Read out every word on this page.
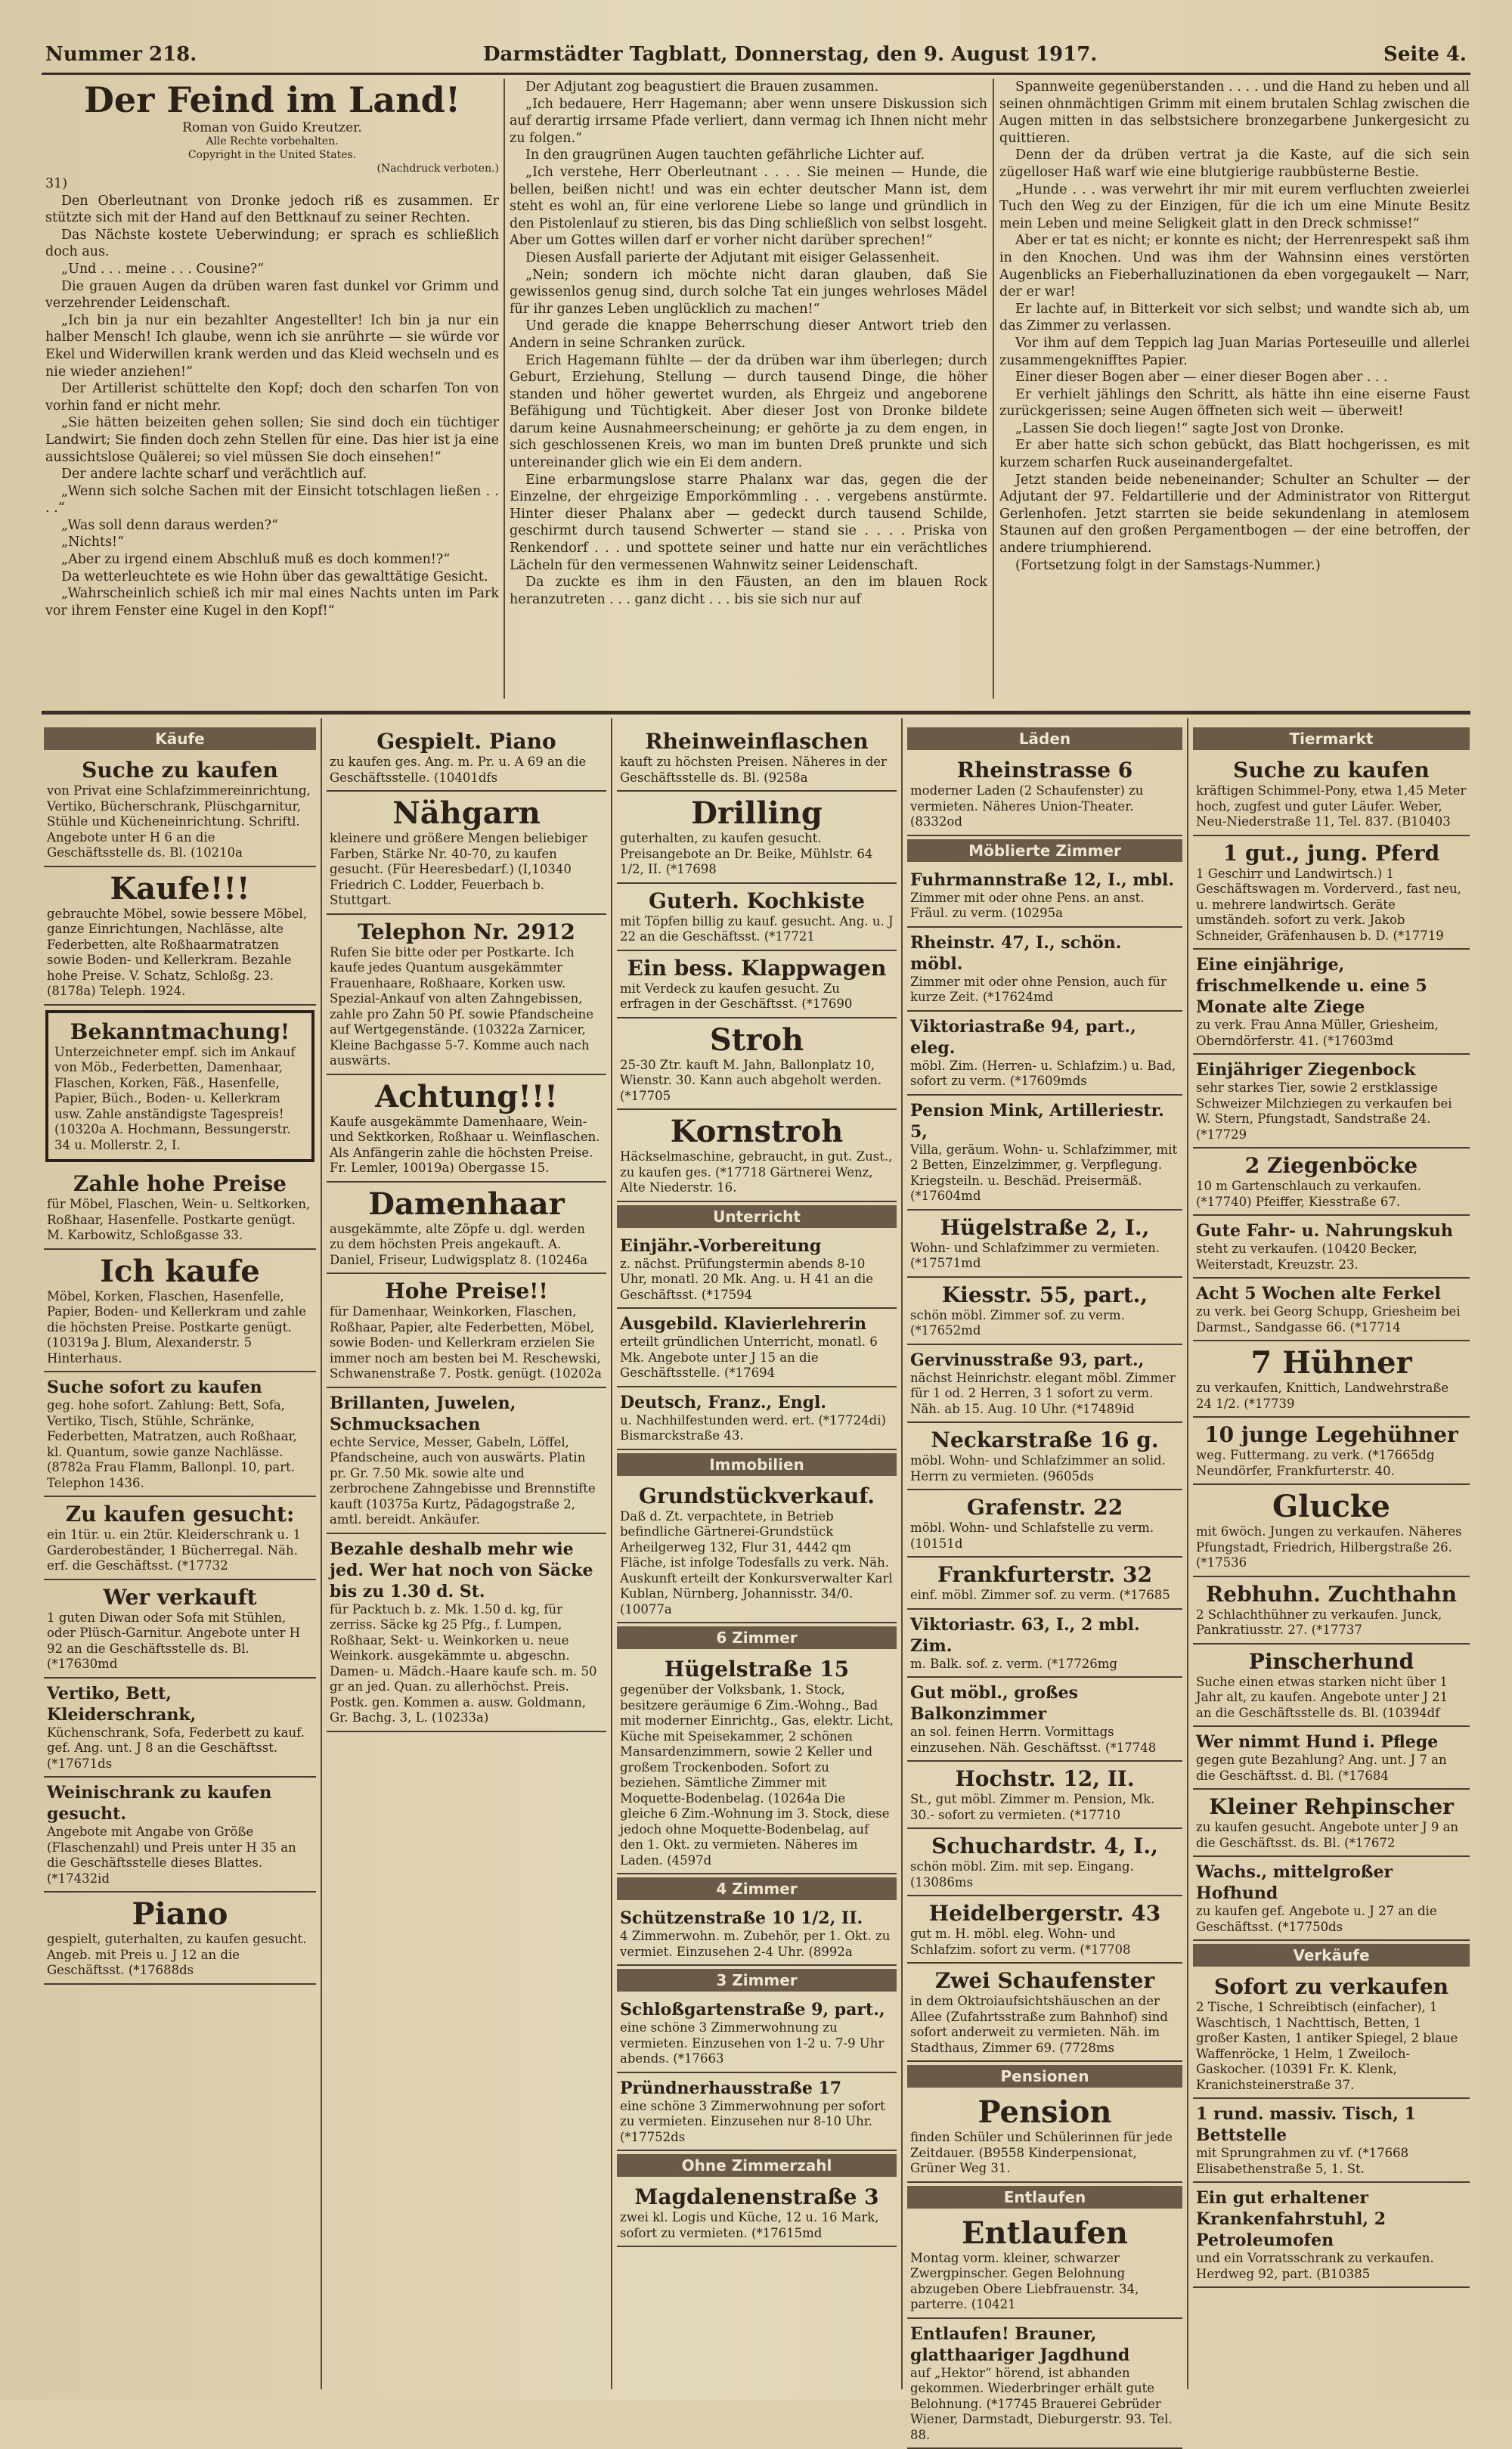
Nummer 218.	Darmstädter Tagblatt, Donnerstag, den 9. August 1917.	Seite 4.
Der Feind im Land!
Roman von Guido Kreutzer.
Alle Rechte vorbehalten.
Copyright in the United States.
(Nachdruck verboten.)
31)

Den Oberleutnant von Dronke jedoch riß es zusammen. Er stützte sich mit der Hand auf den Bettknauf zu seiner Rechten.

Das Nächste kostete Ueberwindung; er sprach es schließlich doch aus.

„Und . . . meine . . . Cousine?“

Die grauen Augen da drüben waren fast dunkel vor Grimm und verzehrender Leidenschaft.

„Ich bin ja nur ein bezahlter Angestellter! Ich bin ja nur ein halber Mensch! Ich glaube, wenn ich sie anrührte — sie würde vor Ekel und Widerwillen krank werden und das Kleid wechseln und es nie wieder anziehen!“

Der Artillerist schüttelte den Kopf; doch den scharfen Ton von vorhin fand er nicht mehr.

„Sie hätten beizeiten gehen sollen; Sie sind doch ein tüchtiger Landwirt; Sie finden doch zehn Stellen für eine. Das hier ist ja eine aussichtslose Quälerei; so viel müssen Sie doch einsehen!“

Der andere lachte scharf und verächtlich auf.

„Wenn sich solche Sachen mit der Einsicht totschlagen ließen . . . .“

„Was soll denn daraus werden?“

„Nichts!“

„Aber zu irgend einem Abschluß muß es doch kommen!?“

Da wetterleuchtete es wie Hohn über das gewalttätige Gesicht.

„Wahrscheinlich schieß ich mir mal eines Nachts unten im Park vor ihrem Fenster eine Kugel in den Kopf!“

Der Adjutant zog beagustiert die Brauen zusammen.

„Ich bedauere, Herr Hagemann; aber wenn unsere Diskussion sich auf derartig irrsame Pfade verliert, dann vermag ich Ihnen nicht mehr zu folgen.“

In den graugrünen Augen tauchten gefährliche Lichter auf.

„Ich verstehe, Herr Oberleutnant . . . . Sie meinen — Hunde, die bellen, beißen nicht! und was ein echter deutscher Mann ist, dem steht es wohl an, für eine verlorene Liebe so lange und gründlich in den Pistolenlauf zu stieren, bis das Ding schließlich von selbst losgeht. Aber um Gottes willen darf er vorher nicht darüber sprechen!“

Diesen Ausfall parierte der Adjutant mit eisiger Gelassenheit.

„Nein; sondern ich möchte nicht daran glauben, daß Sie gewissenlos genug sind, durch solche Tat ein junges wehrloses Mädel für ihr ganzes Leben unglücklich zu machen!“

Und gerade die knappe Beherrschung dieser Antwort trieb den Andern in seine Schranken zurück.

Erich Hagemann fühlte — der da drüben war ihm überlegen; durch Geburt, Erziehung, Stellung — durch tausend Dinge, die höher standen und höher gewertet wurden, als Ehrgeiz und angeborene Befähigung und Tüchtigkeit. Aber dieser Jost von Dronke bildete darum keine Ausnahmeerscheinung; er gehörte ja zu dem engen, in sich geschlossenen Kreis, wo man im bunten Dreß prunkte und sich untereinander glich wie ein Ei dem andern.

Eine erbarmungslose starre Phalanx war das, gegen die der Einzelne, der ehrgeizige Emporkömmling . . . vergebens anstürmte. Hinter dieser Phalanx aber — gedeckt durch tausend Schilde, geschirmt durch tausend Schwerter — stand sie . . . . Priska von Renkendorf . . . und spottete seiner und hatte nur ein verächtliches Lächeln für den vermessenen Wahnwitz seiner Leidenschaft.

Da zuckte es ihm in den Fäusten, an den im blauen Rock heranzutreten . . . ganz dicht . . . bis sie sich nur auf

Spannweite gegenüberstanden . . . . und die Hand zu heben und all seinen ohnmächtigen Grimm mit einem brutalen Schlag zwischen die Augen mitten in das selbstsichere bronzegarbene Junkergesicht zu quittieren.

Denn der da drüben vertrat ja die Kaste, auf die sich sein zügelloser Haß warf wie eine blutgierige raubbüsterne Bestie.

„Hunde . . . was verwehrt ihr mir mit eurem verfluchten zweierlei Tuch den Weg zu der Einzigen, für die ich um eine Minute Besitz mein Leben und meine Seligkeit glatt in den Dreck schmisse!“

Aber er tat es nicht; er konnte es nicht; der Herrenrespekt saß ihm in den Knochen. Und was ihm der Wahnsinn eines verstörten Augenblicks an Fieberhalluzinationen da eben vorgegaukelt — Narr, der er war!

Er lachte auf, in Bitterkeit vor sich selbst; und wandte sich ab, um das Zimmer zu verlassen.

Vor ihm auf dem Teppich lag Juan Marias Porteseuille und allerlei zusammengeknifftes Papier.

Einer dieser Bogen aber — einer dieser Bogen aber . . .

Er verhielt jählings den Schritt, als hätte ihn eine eiserne Faust zurückgerissen; seine Augen öffneten sich weit — überweit!

„Lassen Sie doch liegen!“ sagte Jost von Dronke.

Er aber hatte sich schon gebückt, das Blatt hochgerissen, es mit kurzem scharfen Ruck auseinandergefaltet.

Jetzt standen beide nebeneinander; Schulter an Schulter — der Adjutant der 97. Feldartillerie und der Administrator von Rittergut Gerlenhofen. Jetzt starrten sie beide sekundenlang in atemlosem Staunen auf den großen Pergamentbogen — der eine betroffen, der andere triumphierend.

(Fortsetzung folgt in der Samstags-Nummer.)

Käufe
Suche zu kaufen
von Privat eine Schlafzimmereinrichtung, Vertiko, Bücherschrank, Plüschgarnitur, Stühle und Kücheneinrichtung. Schriftl. Angebote unter H 6 an die Geschäftsstelle ds. Bl. (10210a
Kaufe!!!
gebrauchte Möbel, sowie bessere Möbel, ganze Einrichtungen, Nachlässe, alte Federbetten, alte Roßhaarmatratzen sowie Boden- und Kellerkram. Bezahle hohe Preise. V. Schatz, Schloßg. 23. (8178a) Teleph. 1924.
Bekanntmachung!
Unterzeichneter empf. sich im Ankauf von Möb., Federbetten, Damenhaar, Flaschen, Korken, Fäß., Hasenfelle, Papier, Büch., Boden- u. Kellerkram usw. Zahle anständigste Tagespreis! (10320a A. Hochmann, Bessungerstr. 34 u. Mollerstr. 2, I.
Zahle hohe Preise
für Möbel, Flaschen, Wein- u. Seltkorken, Roßhaar, Hasenfelle. Postkarte genügt. M. Karbowitz, Schloßgasse 33.
Ich kaufe
Möbel, Korken, Flaschen, Hasenfelle, Papier, Boden- und Kellerkram und zahle die höchsten Preise. Postkarte genügt. (10319a J. Blum, Alexanderstr. 5 Hinterhaus.
Suche sofort zu kaufen
geg. hohe sofort. Zahlung: Bett, Sofa, Vertiko, Tisch, Stühle, Schränke, Federbetten, Matratzen, auch Roßhaar, kl. Quantum, sowie ganze Nachlässe. (8782a Frau Flamm, Ballonpl. 10, part. Telephon 1436.
Zu kaufen gesucht:
ein 1tür. u. ein 2tür. Kleiderschrank u. 1 Garderobeständer, 1 Bücherregal. Näh. erf. die Geschäftsst. (*17732
Wer verkauft
1 guten Diwan oder Sofa mit Stühlen, oder Plüsch-Garnitur. Angebote unter H 92 an die Geschäftsstelle ds. Bl. (*17630md
Vertiko, Bett, Kleiderschrank,
Küchenschrank, Sofa, Federbett zu kauf. gef. Ang. unt. J 8 an die Geschäftsst. (*17671ds
Weinischrank zu kaufen gesucht.
Angebote mit Angabe von Größe (Flaschenzahl) und Preis unter H 35 an die Geschäftsstelle dieses Blattes. (*17432id
Piano
gespielt, guterhalten, zu kaufen gesucht. Angeb. mit Preis u. J 12 an die Geschäftsst. (*17688ds
Gespielt. Piano
zu kaufen ges. Ang. m. Pr. u. A 69 an die Geschäftsstelle. (10401dfs
Nähgarn
kleinere und größere Mengen beliebiger Farben, Stärke Nr. 40-70, zu kaufen gesucht. (Für Heeresbedarf.) (I,10340 Friedrich C. Lodder, Feuerbach b. Stuttgart.
Telephon Nr. 2912
Rufen Sie bitte oder per Postkarte. Ich kaufe jedes Quantum ausgekämmter Frauenhaare, Roßhaare, Korken usw. Spezial-Ankauf von alten Zahngebissen, zahle pro Zahn 50 Pf. sowie Pfandscheine auf Wertgegenstände. (10322a Zarnicer, Kleine Bachgasse 5-7. Komme auch nach auswärts.
Achtung!!!
Kaufe ausgekämmte Damenhaare, Wein- und Sektkorken, Roßhaar u. Weinflaschen. Als Anfängerin zahle die höchsten Preise. Fr. Lemler, 10019a) Obergasse 15.
Damenhaar
ausgekämmte, alte Zöpfe u. dgl. werden zu dem höchsten Preis angekauft. A. Daniel, Friseur, Ludwigsplatz 8. (10246a
Hohe Preise!!
für Damenhaar, Weinkorken, Flaschen, Roßhaar, Papier, alte Federbetten, Möbel, sowie Boden- und Kellerkram erzielen Sie immer noch am besten bei M. Reschewski, Schwanenstraße 7. Postk. genügt. (10202a
Brillanten, Juwelen, Schmucksachen
echte Service, Messer, Gabeln, Löffel, Pfandscheine, auch von auswärts. Platin pr. Gr. 7.50 Mk. sowie alte und zerbrochene Zahngebisse und Brennstifte kauft (10375a Kurtz, Pädagogstraße 2, amtl. bereidt. Ankäufer.
Bezahle deshalb mehr wie jed. Wer hat noch von Säcke bis zu 1.30 d. St.
für Packtuch b. z. Mk. 1.50 d. kg, für zerriss. Säcke kg 25 Pfg., f. Lumpen, Roßhaar, Sekt- u. Weinkorken u. neue Weinkork. ausgekämmte u. abgeschn. Damen- u. Mädch.-Haare kaufe sch. m. 50 gr an jed. Quan. zu allerhöchst. Preis. Postk. gen. Kommen a. ausw. Goldmann, Gr. Bachg. 3, L. (10233a)
Rheinweinflaschen
kauft zu höchsten Preisen. Näheres in der Geschäftsstelle ds. Bl. (9258a
Drilling
guterhalten, zu kaufen gesucht. Preisangebote an Dr. Beike, Mühlstr. 64 1/2, II. (*17698
Guterh. Kochkiste
mit Töpfen billig zu kauf. gesucht. Ang. u. J 22 an die Geschäftsst. (*17721
Ein bess. Klappwagen
mit Verdeck zu kaufen gesucht. Zu erfragen in der Geschäftsst. (*17690
Stroh
25-30 Ztr. kauft M. Jahn, Ballonplatz 10, Wienstr. 30. Kann auch abgeholt werden. (*17705
Kornstroh
Häckselmaschine, gebraucht, in gut. Zust., zu kaufen ges. (*17718 Gärtnerei Wenz, Alte Niederstr. 16.
Unterricht
Einjähr.-Vorbereitung
z. nächst. Prüfungstermin abends 8-10 Uhr, monatl. 20 Mk. Ang. u. H 41 an die Geschäftsst. (*17594
Ausgebild. Klavierlehrerin
erteilt gründlichen Unterricht, monatl. 6 Mk. Angebote unter J 15 an die Geschäftsstelle. (*17694
Deutsch, Franz., Engl.
u. Nachhilfestunden werd. ert. (*17724di) Bismarckstraße 43.
Immobilien
Grundstückverkauf.
Daß d. Zt. verpachtete, in Betrieb befindliche Gärtnerei-Grundstück Arheilgerweg 132, Flur 31, 4442 qm Fläche, ist infolge Todesfalls zu verk. Näh. Auskunft erteilt der Konkursverwalter Karl Kublan, Nürnberg, Johannisstr. 34/0. (10077a
6 Zimmer
Hügelstraße 15
gegenüber der Volksbank, 1. Stock, besitzere geräumige 6 Zim.-Wohng., Bad mit moderner Einrichtg., Gas, elektr. Licht, Küche mit Speisekammer, 2 schönen Mansardenzimmern, sowie 2 Keller und großem Trockenboden. Sofort zu beziehen. Sämtliche Zimmer mit Moquette-Bodenbelag. (10264a Die gleiche 6 Zim.-Wohnung im 3. Stock, diese jedoch ohne Moquette-Bodenbelag, auf den 1. Okt. zu vermieten. Näheres im Laden. (4597d
4 Zimmer
Schützenstraße 10 1/2, II.
4 Zimmerwohn. m. Zubehör, per 1. Okt. zu vermiet. Einzusehen 2-4 Uhr. (8992a
3 Zimmer
Schloßgartenstraße 9, part.,
eine schöne 3 Zimmerwohnung zu vermieten. Einzusehen von 1-2 u. 7-9 Uhr abends. (*17663
Pründnerhausstraße 17
eine schöne 3 Zimmerwohnung per sofort zu vermieten. Einzusehen nur 8-10 Uhr. (*17752ds
Ohne Zimmerzahl
Magdalenenstraße 3
zwei kl. Logis und Küche, 12 u. 16 Mark, sofort zu vermieten. (*17615md
Läden
Rheinstrasse 6
moderner Laden (2 Schaufenster) zu vermieten. Näheres Union-Theater. (8332od
Möblierte Zimmer
Fuhrmannstraße 12, I., mbl.
Zimmer mit oder ohne Pens. an anst. Fräul. zu verm. (10295a
Rheinstr. 47, I., schön. möbl.
Zimmer mit oder ohne Pension, auch für kurze Zeit. (*17624md
Viktoriastraße 94, part., eleg.
möbl. Zim. (Herren- u. Schlafzim.) u. Bad, sofort zu verm. (*17609mds
Pension Mink, Artilleriestr. 5,
Villa, geräum. Wohn- u. Schlafzimmer, mit 2 Betten, Einzelzimmer, g. Verpflegung. Kriegsteiln. u. Beschäd. Preisermäß. (*17604md
Hügelstraße 2, I.,
Wohn- und Schlafzimmer zu vermieten. (*17571md
Kiesstr. 55, part.,
schön möbl. Zimmer sof. zu verm. (*17652md
Gervinusstraße 93, part.,
nächst Heinrichstr. elegant möbl. Zimmer für 1 od. 2 Herren, 3 1 sofort zu verm. Näh. ab 15. Aug. 10 Uhr. (*17489id
Neckarstraße 16 g.
möbl. Wohn- und Schlafzimmer an solid. Herrn zu vermieten. (9605ds
Grafenstr. 22
möbl. Wohn- und Schlafstelle zu verm. (10151d
Frankfurterstr. 32
einf. möbl. Zimmer sof. zu verm. (*17685
Viktoriastr. 63, I., 2 mbl. Zim.
m. Balk. sof. z. verm. (*17726mg
Gut möbl., großes Balkonzimmer
an sol. feinen Herrn. Vormittags einzusehen. Näh. Geschäftsst. (*17748
Hochstr. 12, II.
St., gut möbl. Zimmer m. Pension, Mk. 30.- sofort zu vermieten. (*17710
Schuchardstr. 4, I.,
schön möbl. Zim. mit sep. Eingang. (13086ms
Heidelbergerstr. 43
gut m. H. möbl. eleg. Wohn- und Schlafzim. sofort zu verm. (*17708
Zwei Schaufenster
in dem Oktroiaufsichtshäuschen an der Allee (Zufahrtsstraße zum Bahnhof) sind sofort anderweit zu vermieten. Näh. im Stadthaus, Zimmer 69. (7728ms
Pensionen
Pension
finden Schüler und Schülerinnen für jede Zeitdauer. (B9558 Kinderpensionat, Grüner Weg 31.
Entlaufen
Entlaufen
Montag vorm. kleiner, schwarzer Zwergpinscher. Gegen Belohnung abzugeben Obere Liebfrauenstr. 34, parterre. (10421
Entlaufen! Brauner, glatthaariger Jagdhund
auf „Hektor“ hörend, ist abhanden gekommen. Wiederbringer erhält gute Belohnung. (*17745 Brauerei Gebrüder Wiener, Darmstadt, Dieburgerstr. 93. Tel. 88.
Tiermarkt
Suche zu kaufen
kräftigen Schimmel-Pony, etwa 1,45 Meter hoch, zugfest und guter Läufer. Weber, Neu-Niederstraße 11, Tel. 837. (B10403
1 gut., jung. Pferd
1 Geschirr und Landwirtsch.) 1 Geschäftswagen m. Vorderverd., fast neu, u. mehrere landwirtsch. Geräte umständeh. sofort zu verk. Jakob Schneider, Gräfenhausen b. D. (*17719
Eine einjährige, frischmelkende u. eine 5 Monate alte Ziege
zu verk. Frau Anna Müller, Griesheim, Oberndörferstr. 41. (*17603md
Einjähriger Ziegenbock
sehr starkes Tier, sowie 2 erstklassige Schweizer Milchziegen zu verkaufen bei W. Stern, Pfungstadt, Sandstraße 24. (*17729
2 Ziegenböcke
10 m Gartenschlauch zu verkaufen. (*17740) Pfeiffer, Kiesstraße 67.
Gute Fahr- u. Nahrungskuh
steht zu verkaufen. (10420 Becker, Weiterstadt, Kreuzstr. 23.
Acht 5 Wochen alte Ferkel
zu verk. bei Georg Schupp, Griesheim bei Darmst., Sandgasse 66. (*17714
7 Hühner
zu verkaufen, Knittich, Landwehrstraße 24 1/2. (*17739
10 junge Legehühner
weg. Futtermang. zu verk. (*17665dg Neundörfer, Frankfurterstr. 40.
Glucke
mit 6wöch. Jungen zu verkaufen. Näheres Pfungstadt, Friedrich, Hilbergstraße 26. (*17536
Rebhuhn. Zuchthahn
2 Schlachthühner zu verkaufen. Junck, Pankratiusstr. 27. (*17737
Pinscherhund
Suche einen etwas starken nicht über 1 Jahr alt, zu kaufen. Angebote unter J 21 an die Geschäftsstelle ds. Bl. (10394df
Wer nimmt Hund i. Pflege
gegen gute Bezahlung? Ang. unt. J 7 an die Geschäftsst. d. Bl. (*17684
Kleiner Rehpinscher
zu kaufen gesucht. Angebote unter J 9 an die Geschäftsst. ds. Bl. (*17672
Wachs., mittelgroßer Hofhund
zu kaufen gef. Angebote u. J 27 an die Geschäftsst. (*17750ds
Verkäufe
Sofort zu verkaufen
2 Tische, 1 Schreibtisch (einfacher), 1 Waschtisch, 1 Nachttisch, Betten, 1 großer Kasten, 1 antiker Spiegel, 2 blaue Waffenröcke, 1 Helm, 1 Zweiloch-Gaskocher. (10391 Fr. K. Klenk, Kranichsteinerstraße 37.
1 rund. massiv. Tisch, 1 Bettstelle
mit Sprungrahmen zu vf. (*17668 Elisabethenstraße 5, 1. St.
Ein gut erhaltener Krankenfahrstuhl, 2 Petroleumofen
und ein Vorratsschrank zu verkaufen. Herdweg 92, part. (B10385
